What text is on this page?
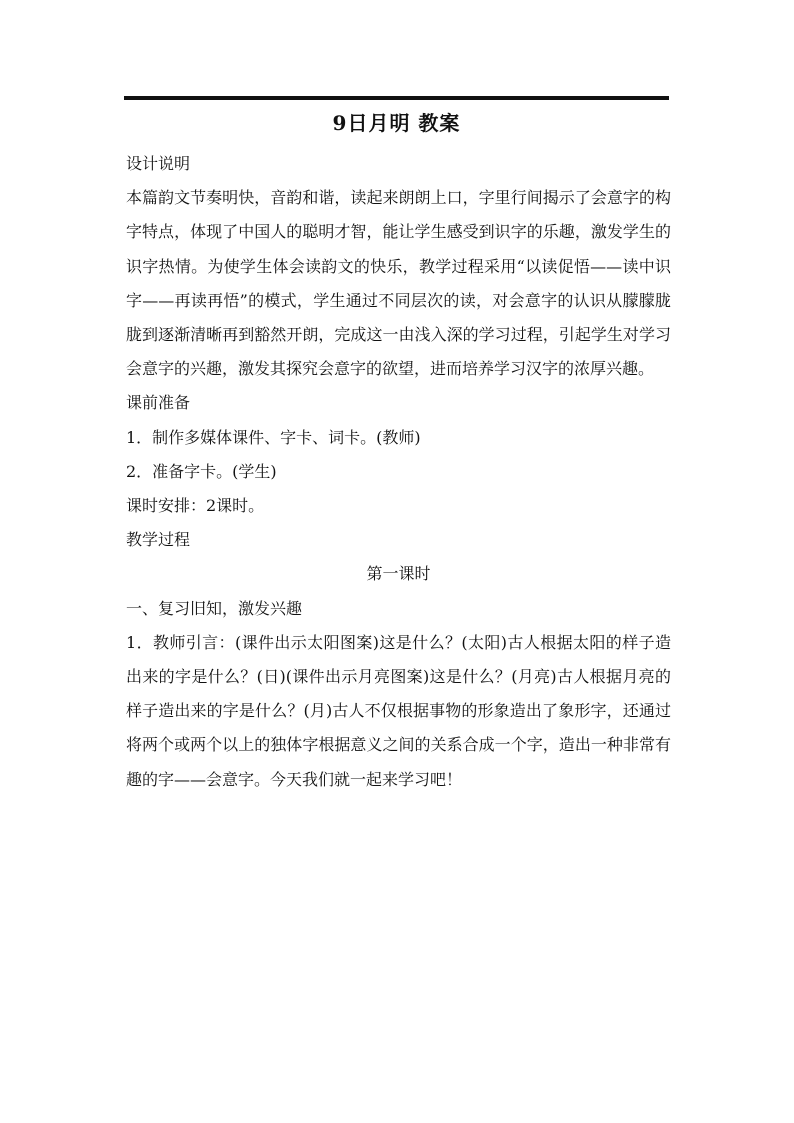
9日月明 教案

设计说明

本篇韵文节奏明快，音韵和谐，读起来朗朗上口，字里行间揭示了会意字的构字特点，体现了中国人的聪明才智，能让学生感受到识字的乐趣，激发学生的识字热情。为使学生体会读韵文的快乐，教学过程采用“以读促悟——读中识字——再读再悟”的模式，学生通过不同层次的读，对会意字的认识从朦朦胧胧到逐渐清晰再到豁然开朗，完成这一由浅入深的学习过程，引起学生对学习会意字的兴趣，激发其探究会意字的欲望，进而培养学习汉字的浓厚兴趣。

课前准备

1．制作多媒体课件、字卡、词卡。(教师)

2．准备字卡。(学生)

课时安排：2课时。

教学过程

第一课时

一、复习旧知，激发兴趣

1．教师引言：(课件出示太阳图案)这是什么？(太阳)古人根据太阳的样子造出来的字是什么？(日)(课件出示月亮图案)这是什么？(月亮)古人根据月亮的样子造出来的字是什么？(月)古人不仅根据事物的形象造出了象形字，还通过将两个或两个以上的独体字根据意义之间的关系合成一个字，造出一种非常有趣的字——会意字。今天我们就一起来学习吧！
